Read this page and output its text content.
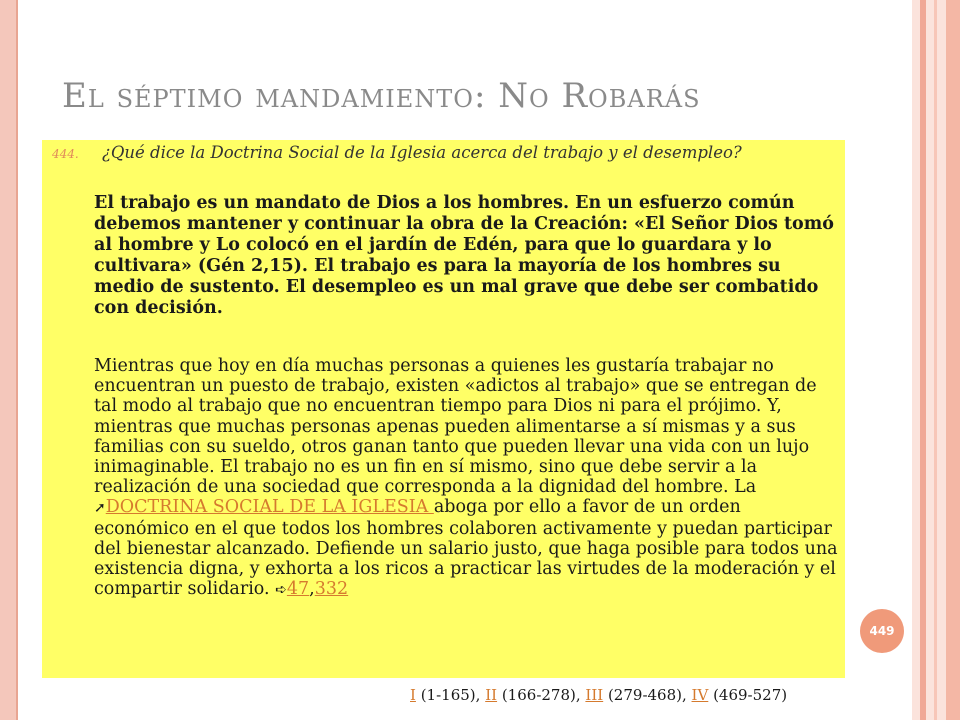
El séptimo mandamiento: No Robarás
444. ¿Qué dice la Doctrina Social de la Iglesia acerca del trabajo y el desempleo?
El trabajo es un mandato de Dios a los hombres. En un esfuerzo común debemos mantener y continuar la obra de la Creación: «El Señor Dios tomó al hombre y Lo colocó en el jardín de Edén, para que lo guardara y lo cultivara» (Gén 2,15). El trabajo es para la mayoría de los hombres su medio de sustento. El desempleo es un mal grave que debe ser combatido con decisión.
Mientras que hoy en día muchas personas a quienes les gustaría trabajar no encuentran un puesto de trabajo, existen «adictos al trabajo» que se entregan de tal modo al trabajo que no encuentran tiempo para Dios ni para el prójimo. Y, mientras que muchas personas apenas pueden alimentarse a sí mismas y a sus familias con su sueldo, otros ganan tanto que pueden llevar una vida con un lujo inimaginable. El trabajo no es un fin en sí mismo, sino que debe servir a la realización de una sociedad que corresponda a la dignidad del hombre. La ➚DOCTRINA SOCIAL DE LA IGLESIA aboga por ello a favor de un orden económico en el que todos los hombres colaboren activamente y puedan participar del bienestar alcanzado. Defiende un salario justo, que haga posible para todos una existencia digna, y exhorta a los ricos a practicar las virtudes de la moderación y el compartir solidario. ➪47,332
449
I (1-165), II (166-278), III (279-468), IV (469-527)
